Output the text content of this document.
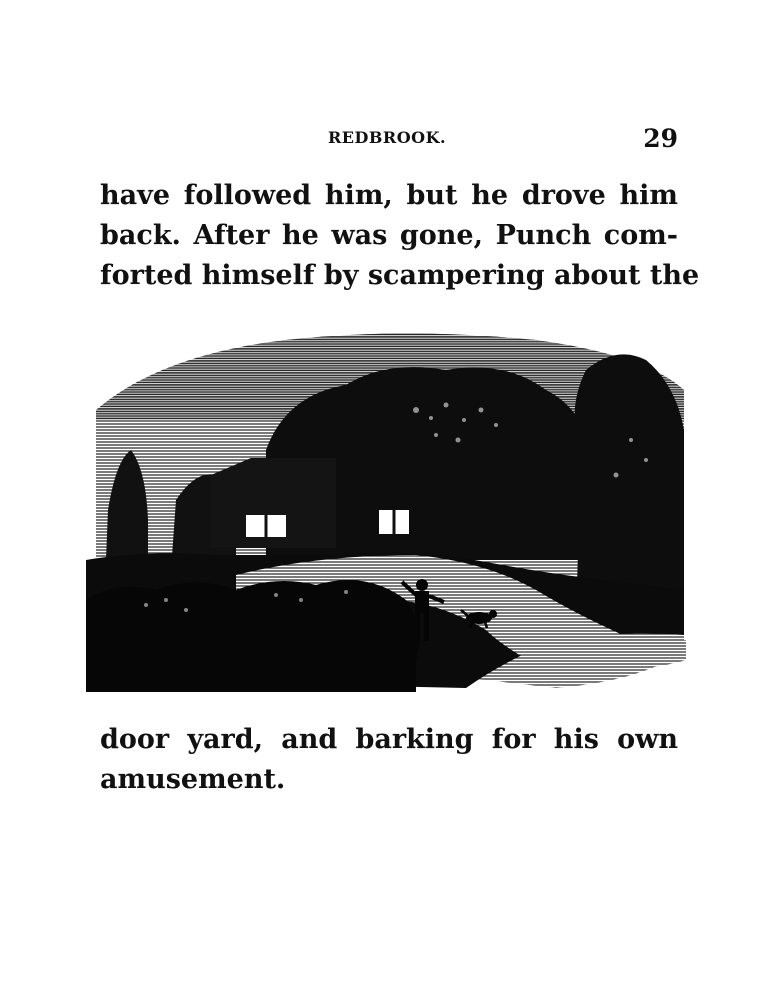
REDBROOK.	29
have followed him, but he drove him
back. After he was gone, Punch com-
forted himself by scampering about the
door yard, and barking for his own
amusement.
